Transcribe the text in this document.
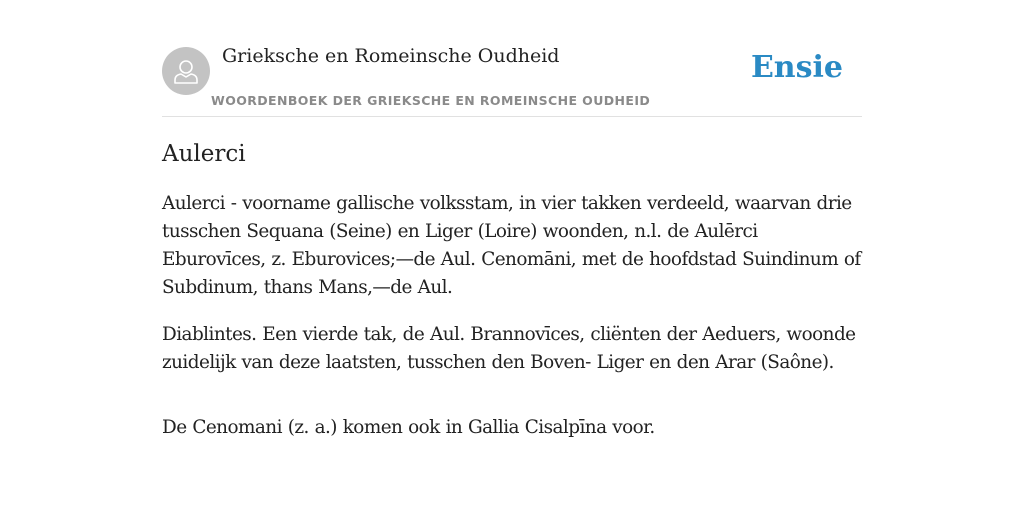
Grieksche en Romeinsche Oudheid
WOORDENBOEK DER GRIEKSCHE EN ROMEINSCHE OUDHEID
Ensie
Aulerci

Aulerci - voorname gallische volksstam, in vier takken verdeeld, waarvan drie tusschen Sequana (Seine) en Liger (Loire) woonden, n.l. de Aulērci Eburovīces, z. Eburovices;—de Aul. Cenomāni, met de hoofdstad Suindinum of Subdinum, thans Mans,—de Aul.

Diablintes. Een vierde tak, de Aul. Brannovīces, cliënten der Aeduers, woonde zuidelijk van deze laatsten, tusschen den Boven- Liger en den Arar (Saône).

De Cenomani (z. a.) komen ook in Gallia Cisalpīna voor.
